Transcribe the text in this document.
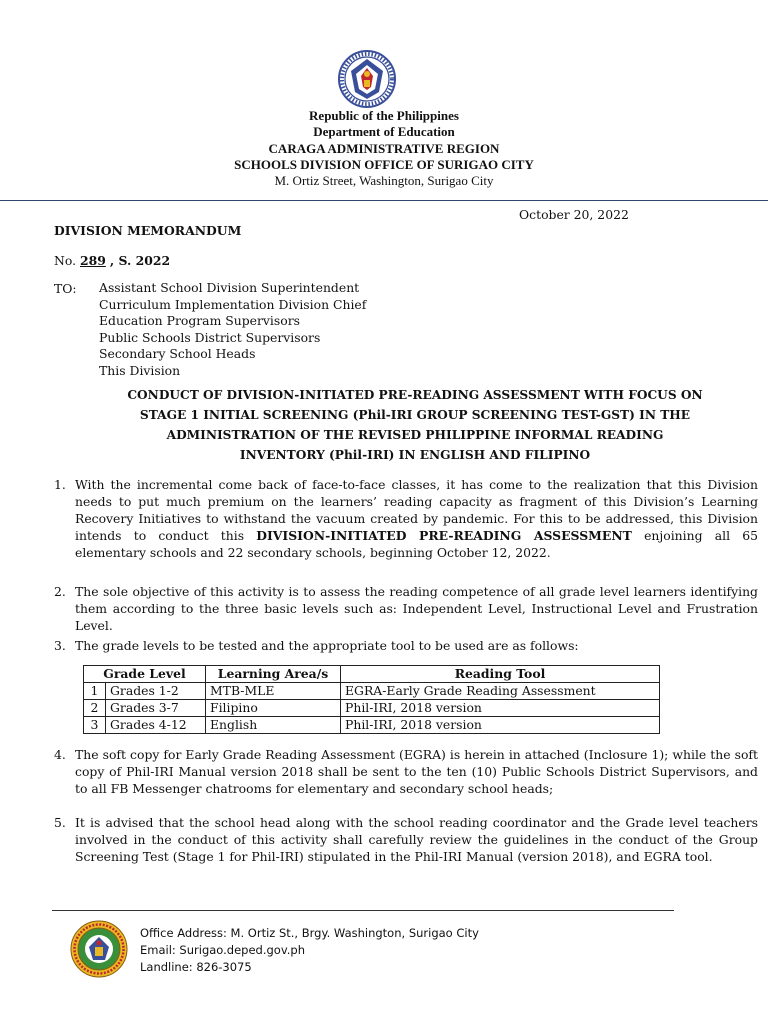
Republic of the Philippines
Department of Education
CARAGA ADMINISTRATIVE REGION
SCHOOLS DIVISION OFFICE OF SURIGAO CITY
M. Ortiz Street, Washington, Surigao City
October 20, 2022
DIVISION MEMORANDUM
No. 289 , S. 2022
TO: Assistant School Division Superintendent
Curriculum Implementation Division Chief
Education Program Supervisors
Public Schools District Supervisors
Secondary School Heads
This Division
CONDUCT OF DIVISION-INITIATED PRE-READING ASSESSMENT WITH FOCUS ON
STAGE 1 INITIAL SCREENING (Phil-IRI GROUP SCREENING TEST-GST) IN THE
ADMINISTRATION OF THE REVISED PHILIPPINE INFORMAL READING
INVENTORY (Phil-IRI) IN ENGLISH AND FILIPINO
1. With the incremental come back of face-to-face classes, it has come to the realization that this Division needs to put much premium on the learners’ reading capacity as fragment of this Division’s Learning Recovery Initiatives to withstand the vacuum created by pandemic. For this to be addressed, this Division intends to conduct this DIVISION-INITIATED PRE-READING ASSESSMENT enjoining all 65 elementary schools and 22 secondary schools, beginning October 12, 2022.
2. The sole objective of this activity is to assess the reading competence of all grade level learners identifying them according to the three basic levels such as: Independent Level, Instructional Level and Frustration Level.
3. The grade levels to be tested and the appropriate tool to be used are as follows:
Grade Level		Learning Area/s	Reading Tool
1	Grades 1-2	MTB-MLE	EGRA-Early Grade Reading Assessment
2	Grades 3-7	Filipino	Phil-IRI, 2018 version
3	Grades 4-12	English	Phil-IRI, 2018 version
4. The soft copy for Early Grade Reading Assessment (EGRA) is herein in attached (Inclosure 1); while the soft copy of Phil-IRI Manual version 2018 shall be sent to the ten (10) Public Schools District Supervisors, and to all FB Messenger chatrooms for elementary and secondary school heads;
5. It is advised that the school head along with the school reading coordinator and the Grade level teachers involved in the conduct of this activity shall carefully review the guidelines in the conduct of the Group Screening Test (Stage 1 for Phil-IRI) stipulated in the Phil-IRI Manual (version 2018), and EGRA tool.
Office Address: M. Ortiz St., Brgy. Washington, Surigao City
Email: Surigao.deped.gov.ph
Landline: 826-3075
